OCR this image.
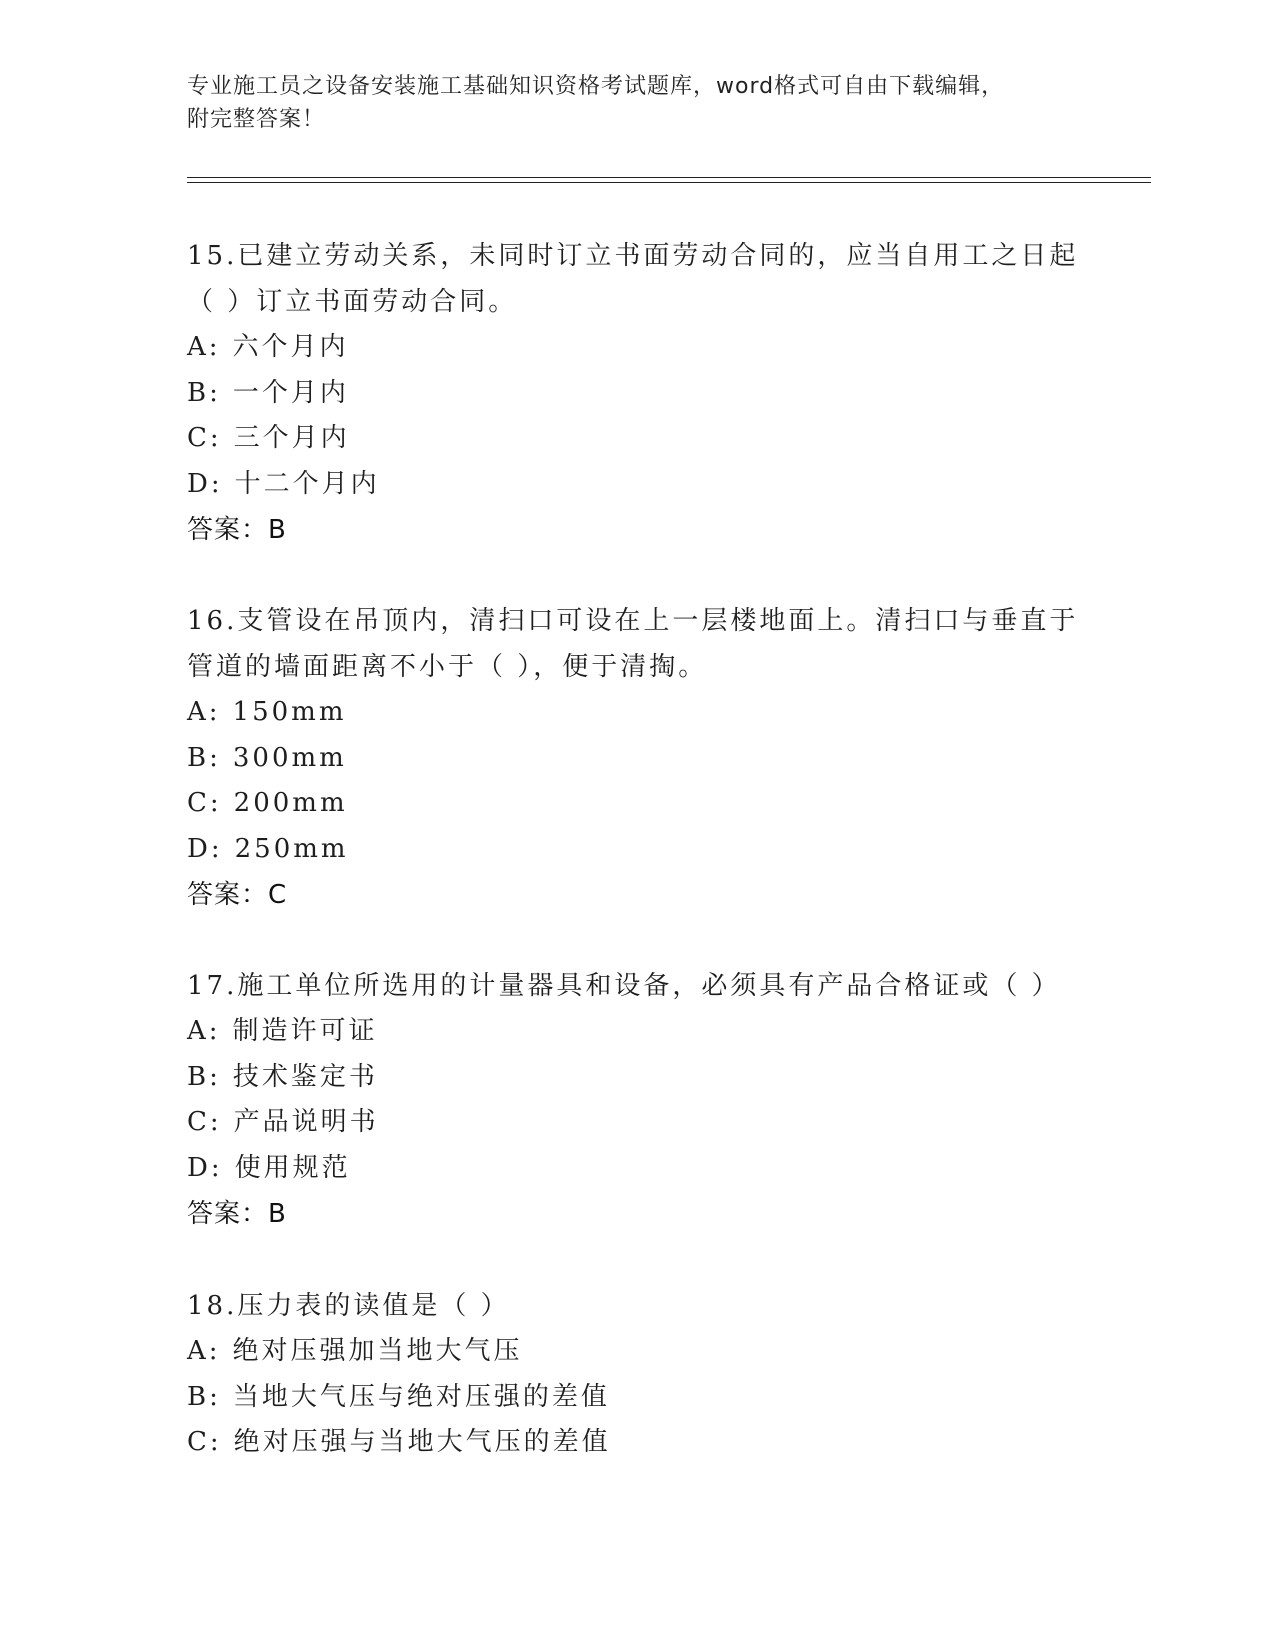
专业施工员之设备安装施工基础知识资格考试题库，word格式可自由下载编辑，
附完整答案！
15.已建立劳动关系，未同时订立书面劳动合同的，应当自用工之日起
（ ）订立书面劳动合同。
A: 六个月内
B: 一个月内
C: 三个月内
D: 十二个月内
答案：B
16.支管设在吊顶内，清扫口可设在上一层楼地面上。清扫口与垂直于
管道的墙面距离不小于（ ），便于清掏。
A: 150mm
B: 300mm
C: 200mm
D: 250mm
答案：C
17.施工单位所选用的计量器具和设备，必须具有产品合格证或（ ）
A: 制造许可证
B: 技术鉴定书
C: 产品说明书
D: 使用规范
答案：B
18.压力表的读值是（ ）
A: 绝对压强加当地大气压
B: 当地大气压与绝对压强的差值
C: 绝对压强与当地大气压的差值
